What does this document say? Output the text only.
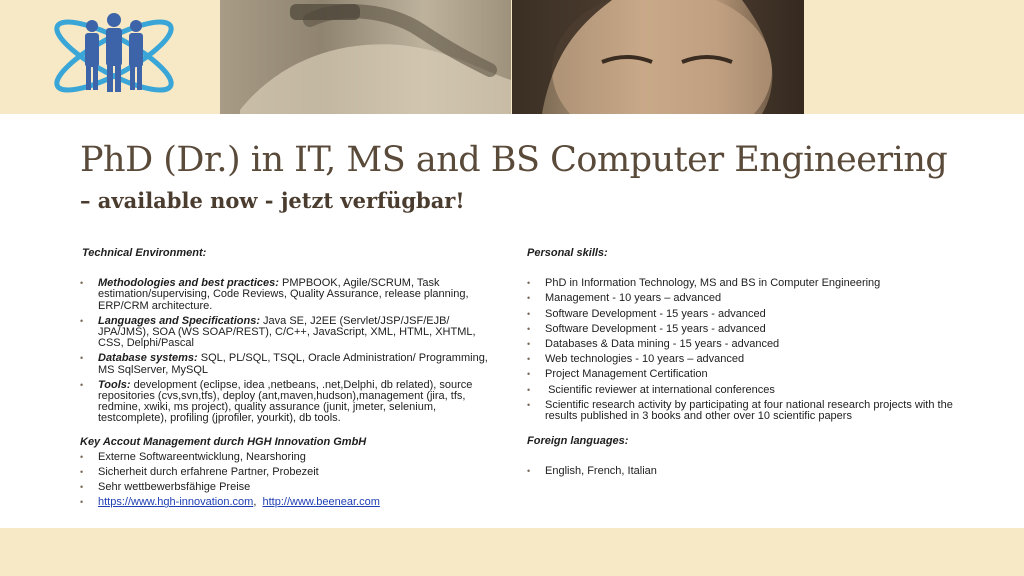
PhD (Dr.) in IT, MS and BS Computer Engineering
– available now - jetzt verfügbar!

Technical Environment:

• Methodologies and best practices: PMPBOOK, Agile/SCRUM, Task estimation/supervising, Code Reviews, Quality Assurance, release planning, ERP/CRM architecture.
• Languages and Specifications: Java SE, J2EE (Servlet/JSP/JSF/EJB/ JPA/JMS), SOA (WS SOAP/REST), C/C++, JavaScript, XML, HTML, XHTML, CSS, Delphi/Pascal
• Database systems: SQL, PL/SQL, TSQL, Oracle Administration/ Programming, MS SqlServer, MySQL
• Tools: development (eclipse, idea ,netbeans, .net,Delphi, db related), source repositories (cvs,svn,tfs), deploy (ant,maven,hudson),management (jira, tfs, redmine, xwiki, ms project), quality assurance (junit, jmeter, selenium, testcomplete), profiling (jprofiler, yourkit), db tools.

Key Accout Management durch HGH Innovation GmbH

• Externe Softwareentwicklung, Nearshoring
• Sicherheit durch erfahrene Partner, Probezeit
• Sehr wettbewerbsfähige Preise
• https://www.hgh-innovation.com,  http://www.beenear.com

Personal skills:

• PhD in Information Technology, MS and BS in Computer Engineering
• Management - 10 years – advanced
• Software Development - 15 years - advanced
• Software Development - 15 years - advanced
• Databases & Data mining - 15 years - advanced
• Web technologies - 10 years – advanced
• Project Management Certification
• Scientific reviewer at international conferences
• Scientific research activity by participating at four national research projects with the results published in 3 books and other over 10 scientific papers

Foreign languages:

• English, French, Italian
